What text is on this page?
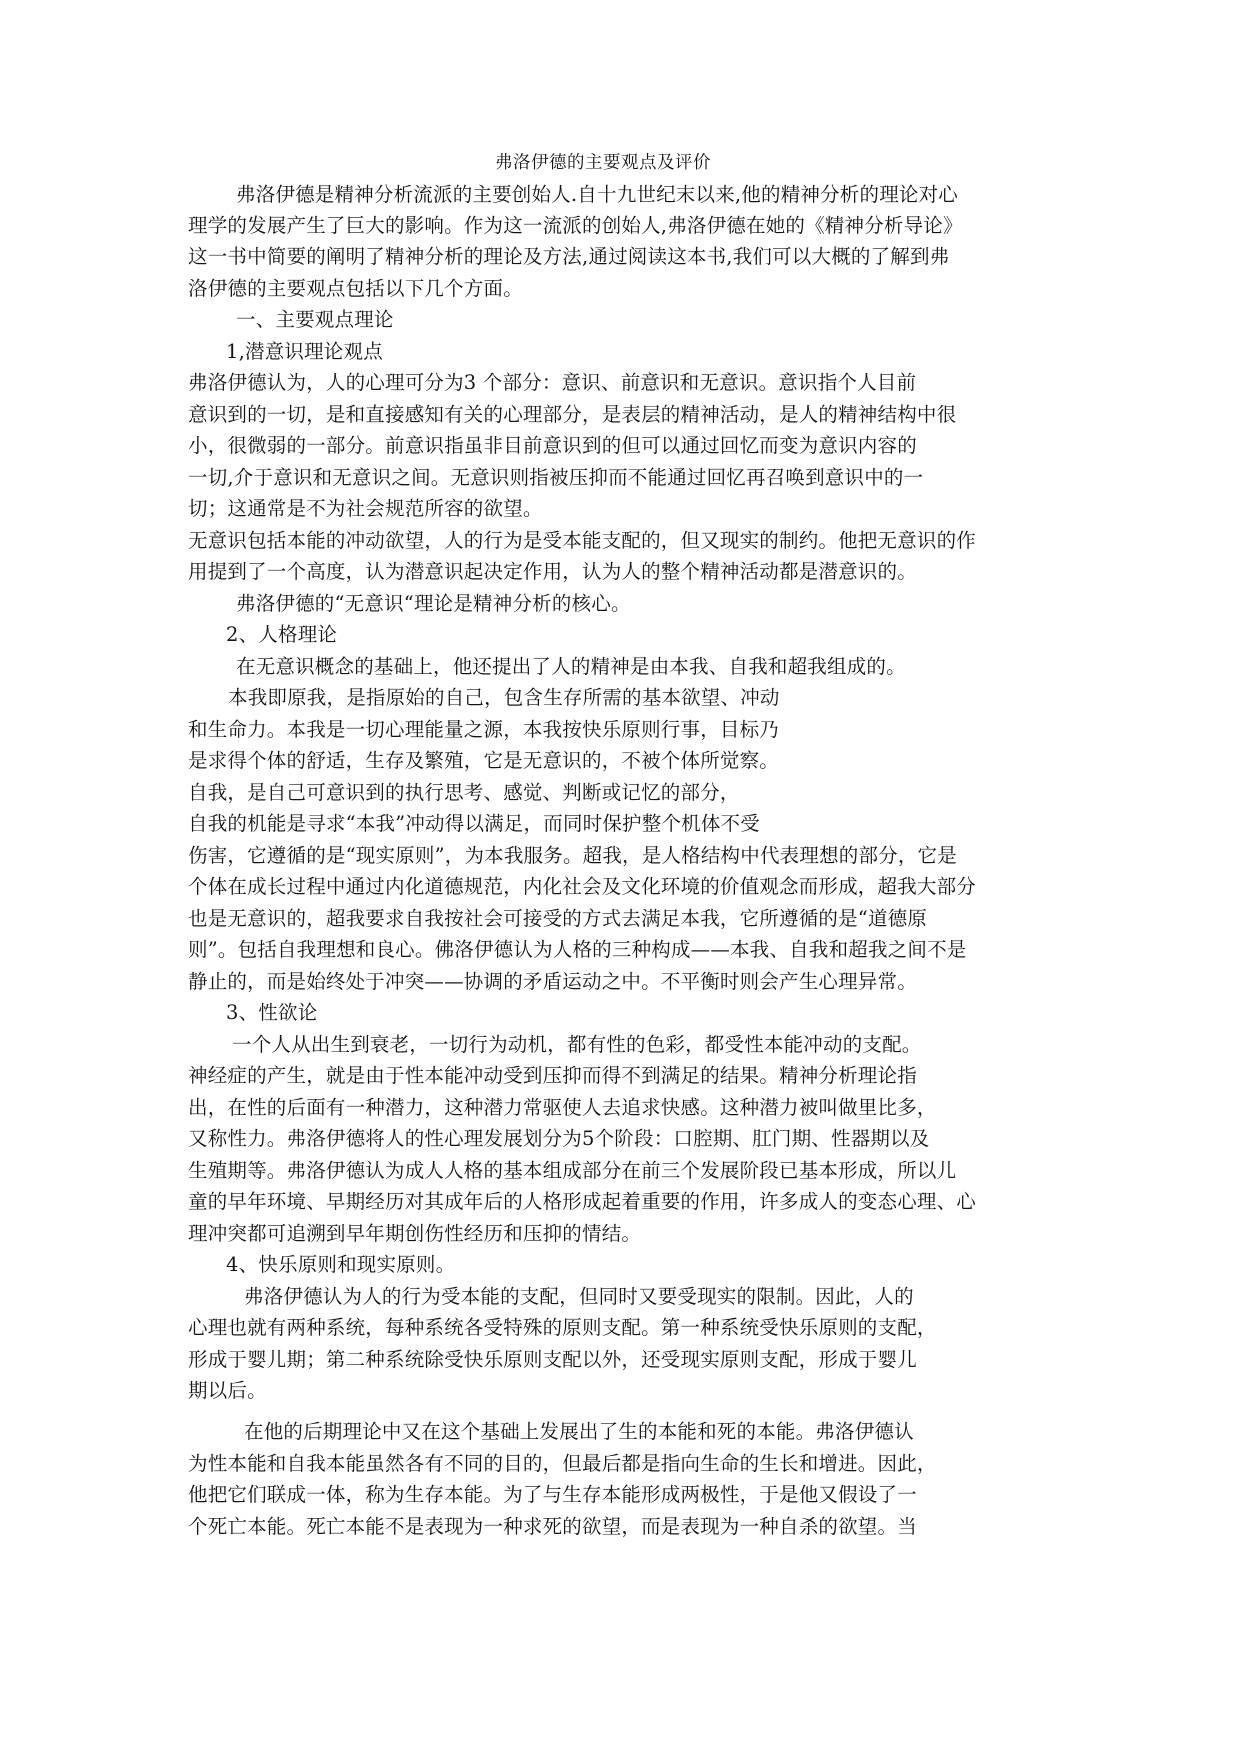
弗洛伊德的主要观点及评价
弗洛伊德是精神分析流派的主要创始人.自十九世纪末以来,他的精神分析的理论对心
理学的发展产生了巨大的影响。作为这一流派的创始人,弗洛伊德在她的《精神分析导论》
这一书中简要的阐明了精神分析的理论及方法,通过阅读这本书,我们可以大概的了解到弗
洛伊德的主要观点包括以下几个方面。
一、主要观点理论
1,潜意识理论观点
弗洛伊德认为，人的心理可分为3 个部分：意识、前意识和无意识。意识指个人目前
意识到的一切，是和直接感知有关的心理部分，是表层的精神活动，是人的精神结构中很
小，很微弱的一部分。前意识指虽非目前意识到的但可以通过回忆而变为意识内容的
一切,介于意识和无意识之间。无意识则指被压抑而不能通过回忆再召唤到意识中的一
切；这通常是不为社会规范所容的欲望。
无意识包括本能的冲动欲望，人的行为是受本能支配的，但又现实的制约。他把无意识的作
用提到了一个高度，认为潜意识起决定作用，认为人的整个精神活动都是潜意识的。
弗洛伊德的“无意识“理论是精神分析的核心。
2、人格理论
在无意识概念的基础上，他还提出了人的精神是由本我、自我和超我组成的。
本我即原我，是指原始的自己，包含生存所需的基本欲望、冲动
和生命力。本我是一切心理能量之源，本我按快乐原则行事，目标乃
是求得个体的舒适，生存及繁殖，它是无意识的，不被个体所觉察。
自我，是自己可意识到的执行思考、感觉、判断或记忆的部分，
自我的机能是寻求“本我”冲动得以满足，而同时保护整个机体不受
伤害，它遵循的是“现实原则”，为本我服务。超我，是人格结构中代表理想的部分，它是
个体在成长过程中通过内化道德规范，内化社会及文化环境的价值观念而形成，超我大部分
也是无意识的，超我要求自我按社会可接受的方式去满足本我，它所遵循的是“道德原
则”。包括自我理想和良心。佛洛伊德认为人格的三种构成——本我、自我和超我之间不是
静止的，而是始终处于冲突——协调的矛盾运动之中。不平衡时则会产生心理异常。
3、性欲论
一个人从出生到衰老，一切行为动机，都有性的色彩，都受性本能冲动的支配。
神经症的产生，就是由于性本能冲动受到压抑而得不到满足的结果。精神分析理论指
出，在性的后面有一种潜力，这种潜力常驱使人去追求快感。这种潜力被叫做里比多，
又称性力。弗洛伊德将人的性心理发展划分为5个阶段：口腔期、肛门期、性器期以及
生殖期等。弗洛伊德认为成人人格的基本组成部分在前三个发展阶段已基本形成，所以儿
童的早年环境、早期经历对其成年后的人格形成起着重要的作用，许多成人的变态心理、心
理冲突都可追溯到早年期创伤性经历和压抑的情结。
4、快乐原则和现实原则。
弗洛伊德认为人的行为受本能的支配，但同时又要受现实的限制。因此，人的
心理也就有两种系统，每种系统各受特殊的原则支配。第一种系统受快乐原则的支配，
形成于婴儿期；第二种系统除受快乐原则支配以外，还受现实原则支配，形成于婴儿
期以后。
在他的后期理论中又在这个基础上发展出了生的本能和死的本能。弗洛伊德认
为性本能和自我本能虽然各有不同的目的，但最后都是指向生命的生长和增进。因此，
他把它们联成一体，称为生存本能。为了与生存本能形成两极性，于是他又假设了一
个死亡本能。死亡本能不是表现为一种求死的欲望，而是表现为一种自杀的欲望。当
